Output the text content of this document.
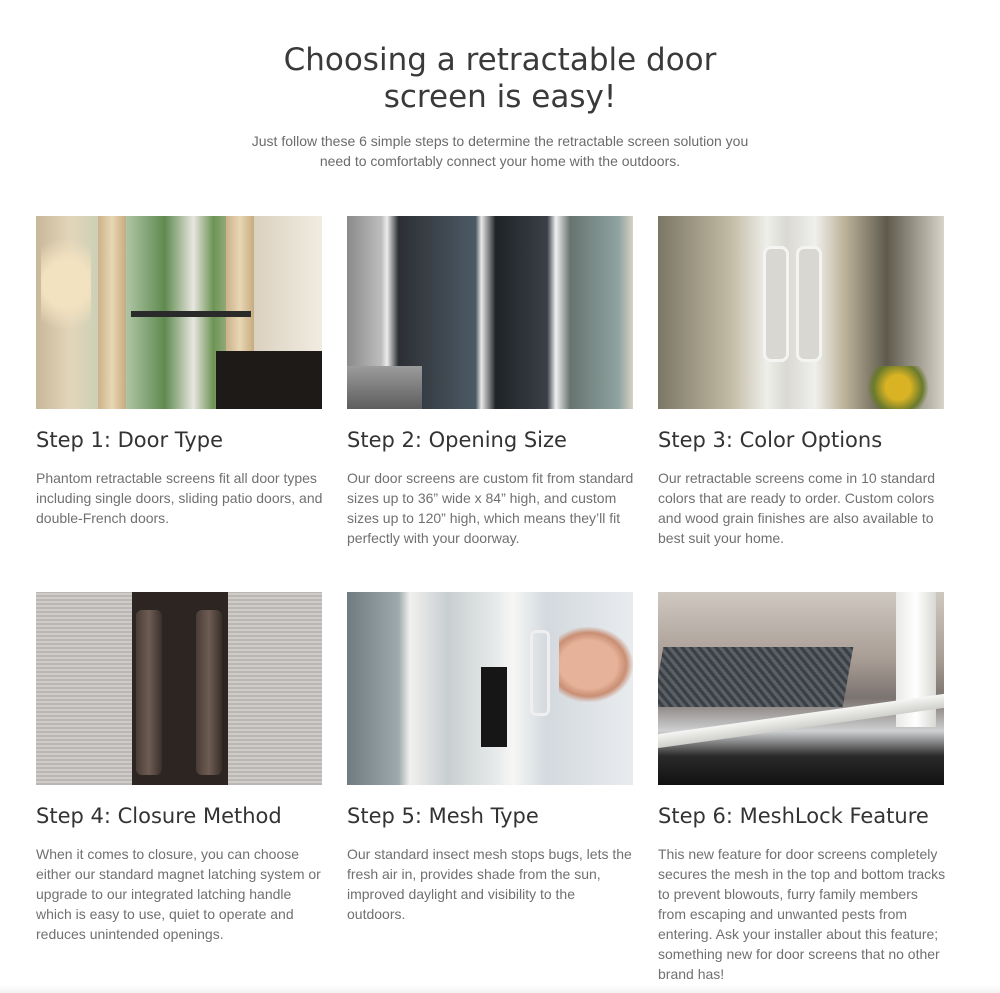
Choosing a retractable door screen is easy!

Just follow these 6 simple steps to determine the retractable screen solution you need to comfortably connect your home with the outdoors.

Step 1: Door Type

Phantom retractable screens fit all door types including single doors, sliding patio doors, and double-French doors.

Step 2: Opening Size

Our door screens are custom fit from standard sizes up to 36” wide x 84” high, and custom sizes up to 120” high, which means they’ll fit perfectly with your doorway.

Step 3: Color Options

Our retractable screens come in 10 standard colors that are ready to order. Custom colors and wood grain finishes are also available to best suit your home.

Step 4: Closure Method

When it comes to closure, you can choose either our standard magnet latching system or upgrade to our integrated latching handle which is easy to use, quiet to operate and reduces unintended openings.

Step 5: Mesh Type

Our standard insect mesh stops bugs, lets the fresh air in, provides shade from the sun, improved daylight and visibility to the outdoors.

Step 6: MeshLock Feature

This new feature for door screens completely secures the mesh in the top and bottom tracks to prevent blowouts, furry family members from escaping and unwanted pests from entering. Ask your installer about this feature; something new for door screens that no other brand has!
